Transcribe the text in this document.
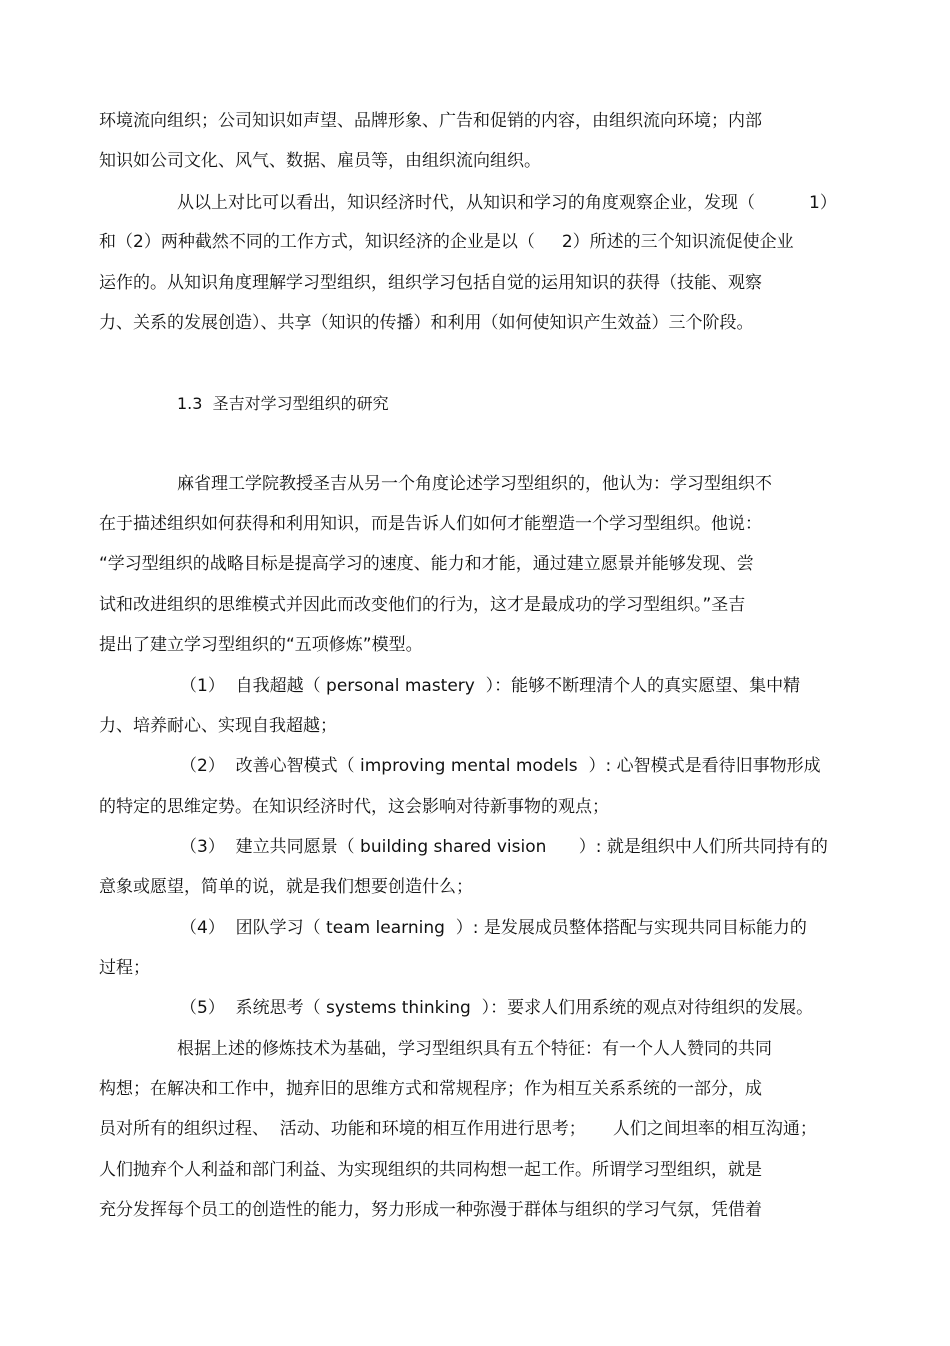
环境流向组织；公司知识如声望、品牌形象、广告和促销的内容，由组织流向环境；内部
知识如公司文化、风气、数据、雇员等，由组织流向组织。
从以上对比可以看出，知识经济时代，从知识和学习的角度观察企业，发现（          1）
和（2）两种截然不同的工作方式，知识经济的企业是以（     2）所述的三个知识流促使企业
运作的。从知识角度理解学习型组织，组织学习包括自觉的运用知识的获得（技能、观察
力、关系的发展创造）、共享（知识的传播）和利用（如何使知识产生效益）三个阶段。
1.3  圣吉对学习型组织的研究
麻省理工学院教授圣吉从另一个角度论述学习型组织的，他认为：学习型组织不
在于描述组织如何获得和利用知识，而是告诉人们如何才能塑造一个学习型组织。他说：
“学习型组织的战略目标是提高学习的速度、能力和才能，通过建立愿景并能够发现、尝
试和改进组织的思维模式并因此而改变他们的行为，这才是最成功的学习型组织。”圣吉
提出了建立学习型组织的“五项修炼”模型。
（1）  自我超越（ personal mastery  ）：能够不断理清个人的真实愿望、集中精
力、培养耐心、实现自我超越；
（2）  改善心智模式（ improving mental models  ）: 心智模式是看待旧事物形成
的特定的思维定势。在知识经济时代，这会影响对待新事物的观点；
（3）  建立共同愿景（ building shared vision      ）: 就是组织中人们所共同持有的
意象或愿望，简单的说，就是我们想要创造什么；
（4）  团队学习（ team learning  ）: 是发展成员整体搭配与实现共同目标能力的
过程；
（5）  系统思考（ systems thinking  ）：要求人们用系统的观点对待组织的发展。
根据上述的修炼技术为基础，学习型组织具有五个特征：有一个人人赞同的共同
构想；在解决和工作中，抛弃旧的思维方式和常规程序；作为相互关系系统的一部分，成
员对所有的组织过程、  活动、功能和环境的相互作用进行思考；     人们之间坦率的相互沟通；
人们抛弃个人利益和部门利益、为实现组织的共同构想一起工作。所谓学习型组织，就是
充分发挥每个员工的创造性的能力，努力形成一种弥漫于群体与组织的学习气氛，凭借着
